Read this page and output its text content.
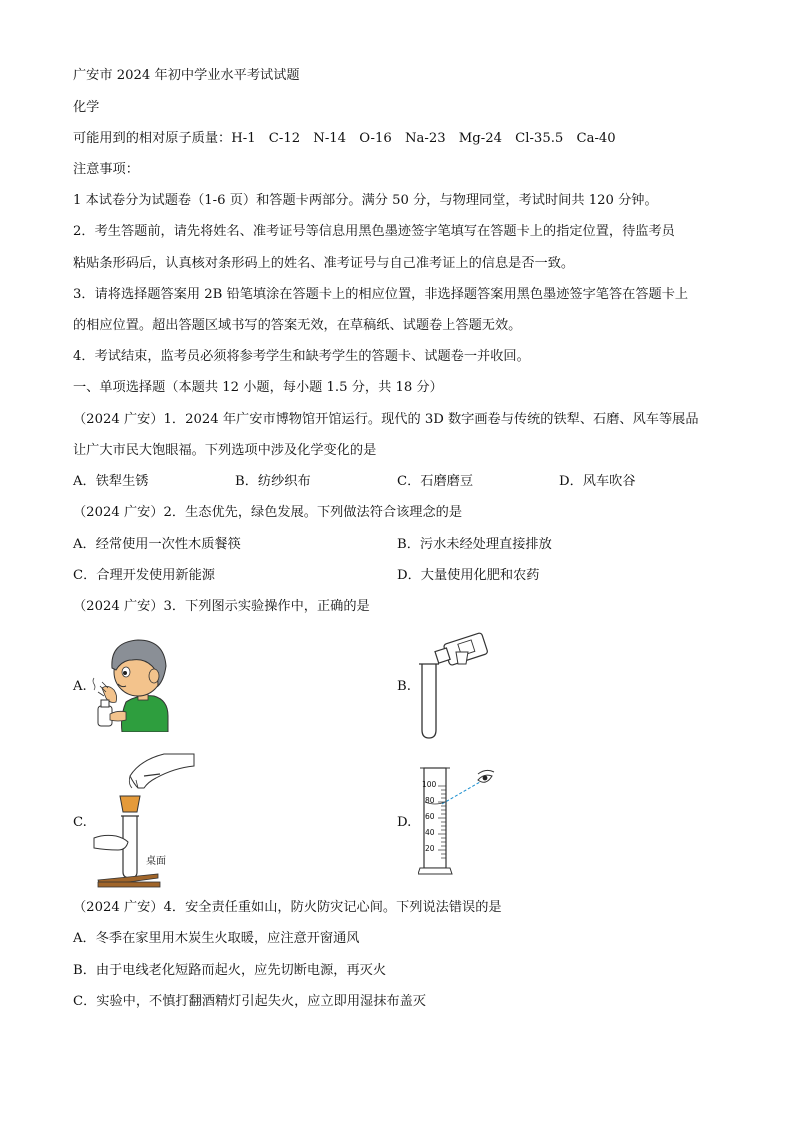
广安市 2024 年初中学业水平考试试题
化学
可能用到的相对原子质量：H-1　C-12　N-14　O-16　Na-23　Mg-24　Cl-35.5　Ca-40
注意事项：
1 本试卷分为试题卷（1-6 页）和答题卡两部分。满分 50 分，与物理同堂，考试时间共 120 分钟。
2．考生答题前，请先将姓名、准考证号等信息用黑色墨迹签字笔填写在答题卡上的指定位置，待监考员
粘贴条形码后，认真核对条形码上的姓名、准考证号与自己准考证上的信息是否一致。
3．请将选择题答案用 2B 铅笔填涂在答题卡上的相应位置，非选择题答案用黑色墨迹签字笔答在答题卡上
的相应位置。超出答题区域书写的答案无效，在草稿纸、试题卷上答题无效。
4．考试结束，监考员必须将参考学生和缺考学生的答题卡、试题卷一并收回。
一、单项选择题（本题共 12 小题，每小题 1.5 分，共 18 分）
（2024 广安）1．2024 年广安市博物馆开馆运行。现代的 3D 数字画卷与传统的铁犁、石磨、风车等展品
让广大市民大饱眼福。下列选项中涉及化学变化的是
A．铁犁生锈	B．纺纱织布	C．石磨磨豆	D．风车吹谷
（2024 广安）2．生态优先，绿色发展。下列做法符合该理念的是
A．经常使用一次性木质餐筷	B．污水未经处理直接排放
C．合理开发使用新能源	D．大量使用化肥和农药
（2024 广安）3．下列图示实验操作中，正确的是
A.	B.
C.	D.
桌面
100
80
60
40
20
（2024 广安）4．安全责任重如山，防火防灾记心间。下列说法错误的是
A．冬季在家里用木炭生火取暖，应注意开窗通风
B．由于电线老化短路而起火，应先切断电源，再灭火
C．实验中，不慎打翻酒精灯引起失火，应立即用湿抹布盖灭
